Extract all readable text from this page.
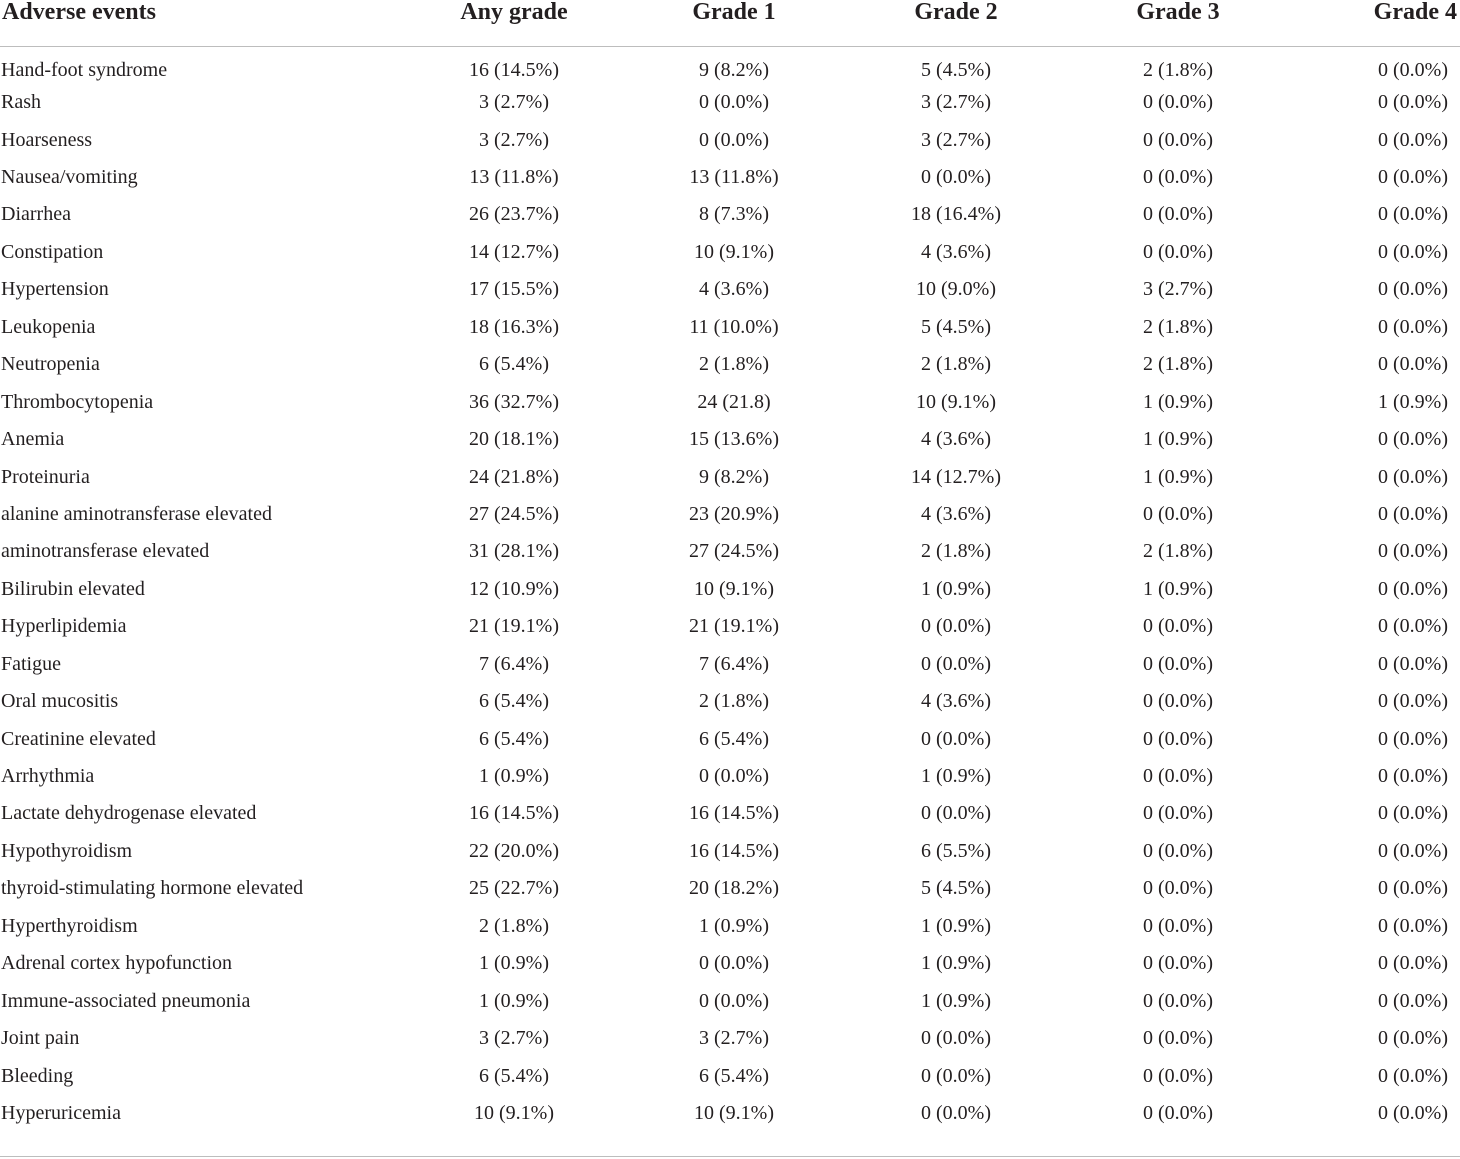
Adverse events	Any grade	Grade 1	Grade 2	Grade 3	Grade 4
Hand-foot syndrome	16 (14.5%)	9 (8.2%)	5 (4.5%)	2 (1.8%)	0 (0.0%)
Rash	3 (2.7%)	0 (0.0%)	3 (2.7%)	0 (0.0%)	0 (0.0%)
Hoarseness	3 (2.7%)	0 (0.0%)	3 (2.7%)	0 (0.0%)	0 (0.0%)
Nausea/vomiting	13 (11.8%)	13 (11.8%)	0 (0.0%)	0 (0.0%)	0 (0.0%)
Diarrhea	26 (23.7%)	8 (7.3%)	18 (16.4%)	0 (0.0%)	0 (0.0%)
Constipation	14 (12.7%)	10 (9.1%)	4 (3.6%)	0 (0.0%)	0 (0.0%)
Hypertension	17 (15.5%)	4 (3.6%)	10 (9.0%)	3 (2.7%)	0 (0.0%)
Leukopenia	18 (16.3%)	11 (10.0%)	5 (4.5%)	2 (1.8%)	0 (0.0%)
Neutropenia	6 (5.4%)	2 (1.8%)	2 (1.8%)	2 (1.8%)	0 (0.0%)
Thrombocytopenia	36 (32.7%)	24 (21.8)	10 (9.1%)	1 (0.9%)	1 (0.9%)
Anemia	20 (18.1%)	15 (13.6%)	4 (3.6%)	1 (0.9%)	0 (0.0%)
Proteinuria	24 (21.8%)	9 (8.2%)	14 (12.7%)	1 (0.9%)	0 (0.0%)
alanine aminotransferase elevated	27 (24.5%)	23 (20.9%)	4 (3.6%)	0 (0.0%)	0 (0.0%)
aminotransferase elevated	31 (28.1%)	27 (24.5%)	2 (1.8%)	2 (1.8%)	0 (0.0%)
Bilirubin elevated	12 (10.9%)	10 (9.1%)	1 (0.9%)	1 (0.9%)	0 (0.0%)
Hyperlipidemia	21 (19.1%)	21 (19.1%)	0 (0.0%)	0 (0.0%)	0 (0.0%)
Fatigue	7 (6.4%)	7 (6.4%)	0 (0.0%)	0 (0.0%)	0 (0.0%)
Oral mucositis	6 (5.4%)	2 (1.8%)	4 (3.6%)	0 (0.0%)	0 (0.0%)
Creatinine elevated	6 (5.4%)	6 (5.4%)	0 (0.0%)	0 (0.0%)	0 (0.0%)
Arrhythmia	1 (0.9%)	0 (0.0%)	1 (0.9%)	0 (0.0%)	0 (0.0%)
Lactate dehydrogenase elevated	16 (14.5%)	16 (14.5%)	0 (0.0%)	0 (0.0%)	0 (0.0%)
Hypothyroidism	22 (20.0%)	16 (14.5%)	6 (5.5%)	0 (0.0%)	0 (0.0%)
thyroid-stimulating hormone elevated	25 (22.7%)	20 (18.2%)	5 (4.5%)	0 (0.0%)	0 (0.0%)
Hyperthyroidism	2 (1.8%)	1 (0.9%)	1 (0.9%)	0 (0.0%)	0 (0.0%)
Adrenal cortex hypofunction	1 (0.9%)	0 (0.0%)	1 (0.9%)	0 (0.0%)	0 (0.0%)
Immune-associated pneumonia	1 (0.9%)	0 (0.0%)	1 (0.9%)	0 (0.0%)	0 (0.0%)
Joint pain	3 (2.7%)	3 (2.7%)	0 (0.0%)	0 (0.0%)	0 (0.0%)
Bleeding	6 (5.4%)	6 (5.4%)	0 (0.0%)	0 (0.0%)	0 (0.0%)
Hyperuricemia	10 (9.1%)	10 (9.1%)	0 (0.0%)	0 (0.0%)	0 (0.0%)
